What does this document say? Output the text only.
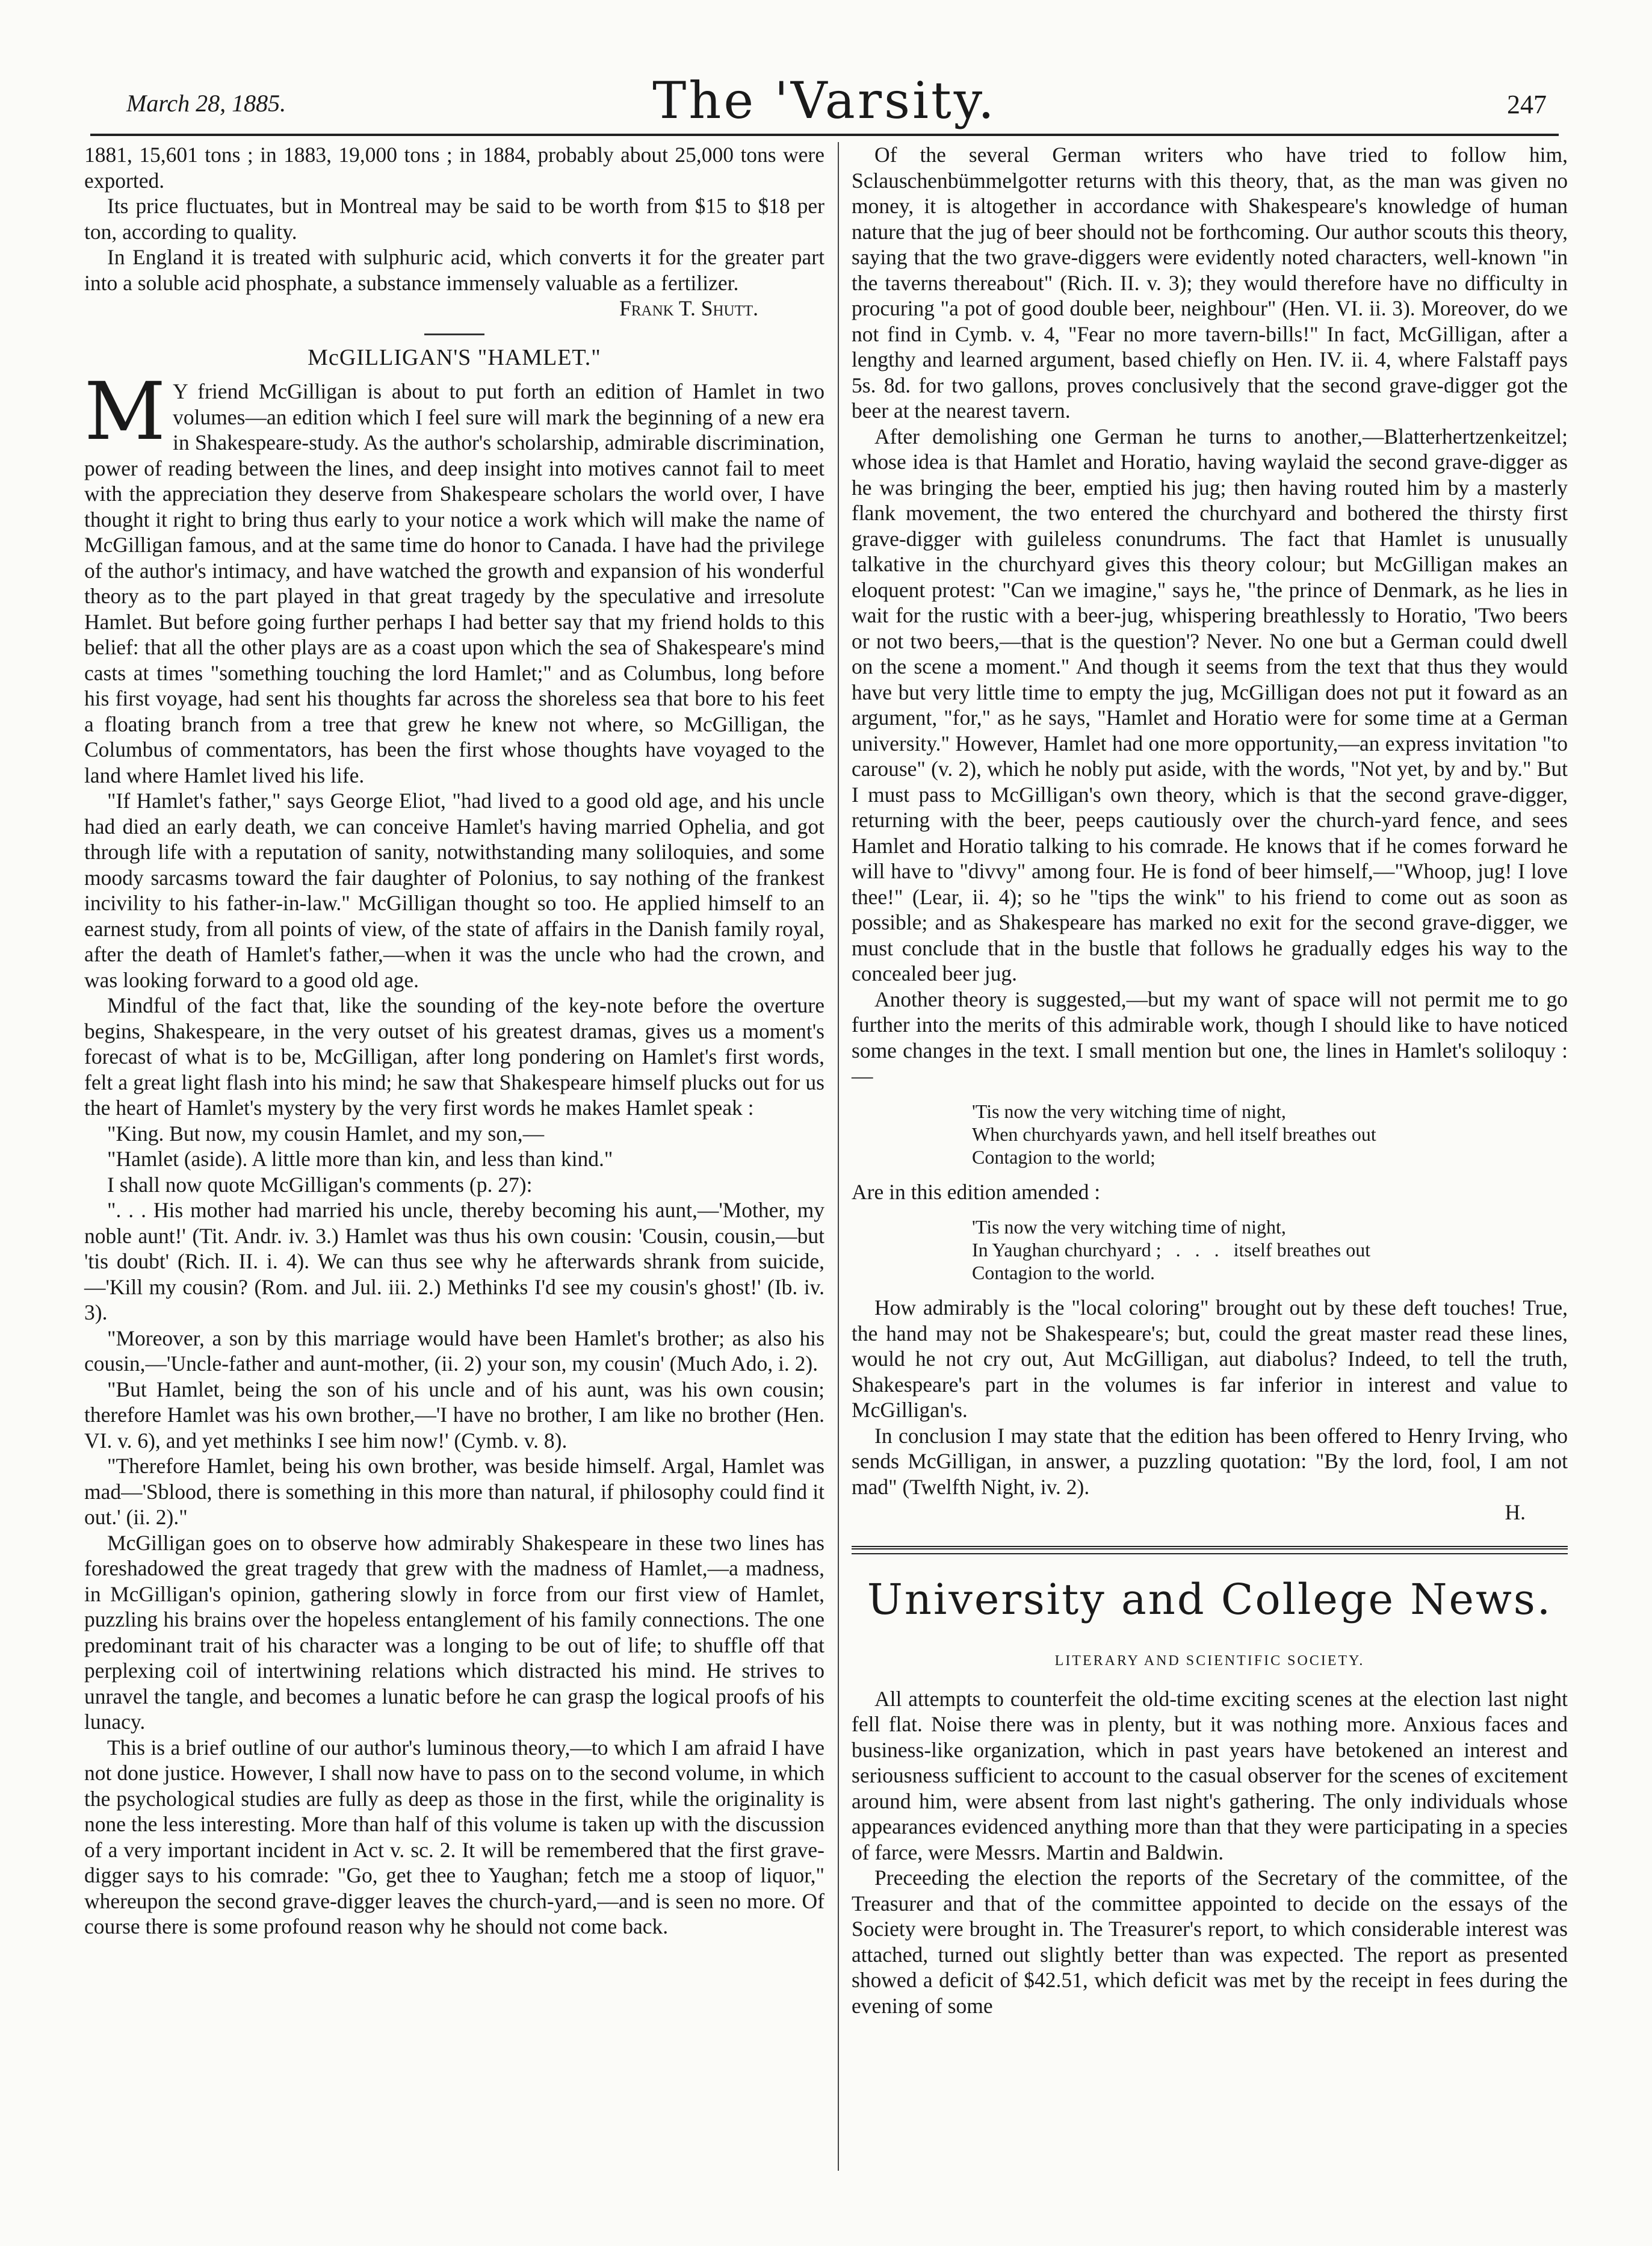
March 28, 1885.	The 'Varsity.	247

1881, 15,601 tons ; in 1883, 19,000 tons ; in 1884, probably about 25,000 tons were exported.

Its price fluctuates, but in Montreal may be said to be worth from $15 to $18 per ton, according to quality.

In England it is treated with sulphuric acid, which converts it for the greater part into a soluble acid phosphate, a substance immensely valuable as a fertilizer.

Frank T. Shutt.

McGILLIGAN'S "HAMLET."

M Y friend McGilligan is about to put forth an edition of Hamlet in two volumes—an edition which I feel sure will mark the beginning of a new era in Shakespeare-study. As the author's scholarship, admirable discrimination, power of reading between the lines, and deep insight into motives cannot fail to meet with the appreciation they deserve from Shakespeare scholars the world over, I have thought it right to bring thus early to your notice a work which will make the name of McGilligan famous, and at the same time do honor to Canada. I have had the privilege of the author's intimacy, and have watched the growth and expansion of his wonderful theory as to the part played in that great tragedy by the speculative and irresolute Hamlet. But before going further perhaps I had better say that my friend holds to this belief: that all the other plays are as a coast upon which the sea of Shakespeare's mind casts at times "something touching the lord Hamlet;" and as Columbus, long before his first voyage, had sent his thoughts far across the shoreless sea that bore to his feet a floating branch from a tree that grew he knew not where, so McGilligan, the Columbus of commentators, has been the first whose thoughts have voyaged to the land where Hamlet lived his life.

"If Hamlet's father," says George Eliot, "had lived to a good old age, and his uncle had died an early death, we can conceive Hamlet's having married Ophelia, and got through life with a reputation of sanity, notwithstanding many soliloquies, and some moody sarcasms toward the fair daughter of Polonius, to say nothing of the frankest incivility to his father-in-law." McGilligan thought so too. He applied himself to an earnest study, from all points of view, of the state of affairs in the Danish family royal, after the death of Hamlet's father,—when it was the uncle who had the crown, and was looking forward to a good old age.

Mindful of the fact that, like the sounding of the key-note before the overture begins, Shakespeare, in the very outset of his greatest dramas, gives us a moment's forecast of what is to be, McGilligan, after long pondering on Hamlet's first words, felt a great light flash into his mind; he saw that Shakespeare himself plucks out for us the heart of Hamlet's mystery by the very first words he makes Hamlet speak :

"King. But now, my cousin Hamlet, and my son,—

"Hamlet (aside). A little more than kin, and less than kind."

I shall now quote McGilligan's comments (p. 27):

". . . His mother had married his uncle, thereby becoming his aunt,—'Mother, my noble aunt!' (Tit. Andr. iv. 3.) Hamlet was thus his own cousin: 'Cousin, cousin,—but 'tis doubt' (Rich. II. i. 4). We can thus see why he afterwards shrank from suicide,—'Kill my cousin? (Rom. and Jul. iii. 2.) Methinks I'd see my cousin's ghost!' (Ib. iv. 3).

"Moreover, a son by this marriage would have been Hamlet's brother; as also his cousin,—'Uncle-father and aunt-mother, (ii. 2) your son, my cousin' (Much Ado, i. 2).

"But Hamlet, being the son of his uncle and of his aunt, was his own cousin; therefore Hamlet was his own brother,—'I have no brother, I am like no brother (Hen. VI. v. 6), and yet methinks I see him now!' (Cymb. v. 8).

"Therefore Hamlet, being his own brother, was beside himself. Argal, Hamlet was mad—'Sblood, there is something in this more than natural, if philosophy could find it out.' (ii. 2)."

McGilligan goes on to observe how admirably Shakespeare in these two lines has foreshadowed the great tragedy that grew with the madness of Hamlet,—a madness, in McGilligan's opinion, gathering slowly in force from our first view of Hamlet, puzzling his brains over the hopeless entanglement of his family connections. The one predominant trait of his character was a longing to be out of life; to shuffle off that perplexing coil of intertwining relations which distracted his mind. He strives to unravel the tangle, and becomes a lunatic before he can grasp the logical proofs of his lunacy.

This is a brief outline of our author's luminous theory,—to which I am afraid I have not done justice. However, I shall now have to pass on to the second volume, in which the psychological studies are fully as deep as those in the first, while the originality is none the less interesting. More than half of this volume is taken up with the discussion of a very important incident in Act v. sc. 2. It will be remembered that the first grave-digger says to his comrade: "Go, get thee to Yaughan; fetch me a stoop of liquor," whereupon the second grave-digger leaves the church-yard,—and is seen no more. Of course there is some profound reason why he should not come back.

Of the several German writers who have tried to follow him, Sclauschenbümmelgotter returns with this theory, that, as the man was given no money, it is altogether in accordance with Shakespeare's knowledge of human nature that the jug of beer should not be forthcoming. Our author scouts this theory, saying that the two grave-diggers were evidently noted characters, well-known "in the taverns thereabout" (Rich. II. v. 3); they would therefore have no difficulty in procuring "a pot of good double beer, neighbour" (Hen. VI. ii. 3). Moreover, do we not find in Cymb. v. 4, "Fear no more tavern-bills!" In fact, McGilligan, after a lengthy and learned argument, based chiefly on Hen. IV. ii. 4, where Falstaff pays 5s. 8d. for two gallons, proves conclusively that the second grave-digger got the beer at the nearest tavern.

After demolishing one German he turns to another,—Blatterhertzenkeitzel; whose idea is that Hamlet and Horatio, having waylaid the second grave-digger as he was bringing the beer, emptied his jug; then having routed him by a masterly flank movement, the two entered the churchyard and bothered the thirsty first grave-digger with guileless conundrums. The fact that Hamlet is unusually talkative in the churchyard gives this theory colour; but McGilligan makes an eloquent protest: "Can we imagine," says he, "the prince of Denmark, as he lies in wait for the rustic with a beer-jug, whispering breathlessly to Horatio, 'Two beers or not two beers,—that is the question'? Never. No one but a German could dwell on the scene a moment." And though it seems from the text that thus they would have but very little time to empty the jug, McGilligan does not put it foward as an argument, "for," as he says, "Hamlet and Horatio were for some time at a German university." However, Hamlet had one more opportunity,—an express invitation "to carouse" (v. 2), which he nobly put aside, with the words, "Not yet, by and by." But I must pass to McGilligan's own theory, which is that the second grave-digger, returning with the beer, peeps cautiously over the church-yard fence, and sees Hamlet and Horatio talking to his comrade. He knows that if he comes forward he will have to "divvy" among four. He is fond of beer himself,—"Whoop, jug! I love thee!" (Lear, ii. 4); so he "tips the wink" to his friend to come out as soon as possible; and as Shakespeare has marked no exit for the second grave-digger, we must conclude that in the bustle that follows he gradually edges his way to the concealed beer jug.

Another theory is suggested,—but my want of space will not permit me to go further into the merits of this admirable work, though I should like to have noticed some changes in the text. I small mention but one, the lines in Hamlet's soliloquy :—

'Tis now the very witching time of night,
When churchyards yawn, and hell itself breathes out
Contagion to the world;

Are in this edition amended :

'Tis now the very witching time of night,
In Yaughan churchyard ;   .   .   .   itself breathes out
Contagion to the world.

How admirably is the "local coloring" brought out by these deft touches! True, the hand may not be Shakespeare's; but, could the great master read these lines, would he not cry out, Aut McGilligan, aut diabolus? Indeed, to tell the truth, Shakespeare's part in the volumes is far inferior in interest and value to McGilligan's.

In conclusion I may state that the edition has been offered to Henry Irving, who sends McGilligan, in answer, a puzzling quotation: "By the lord, fool, I am not mad" (Twelfth Night, iv. 2).

H.

University and College News.
LITERARY AND SCIENTIFIC SOCIETY.

All attempts to counterfeit the old-time exciting scenes at the election last night fell flat. Noise there was in plenty, but it was nothing more. Anxious faces and business-like organization, which in past years have betokened an interest and seriousness sufficient to account to the casual observer for the scenes of excitement around him, were absent from last night's gathering. The only individuals whose appearances evidenced anything more than that they were participating in a species of farce, were Messrs. Martin and Baldwin.

Preceeding the election the reports of the Secretary of the committee, of the Treasurer and that of the committee appointed to decide on the essays of the Society were brought in. The Treasurer's report, to which considerable interest was attached, turned out slightly better than was expected. The report as presented showed a deficit of $42.51, which deficit was met by the receipt in fees during the evening of some
